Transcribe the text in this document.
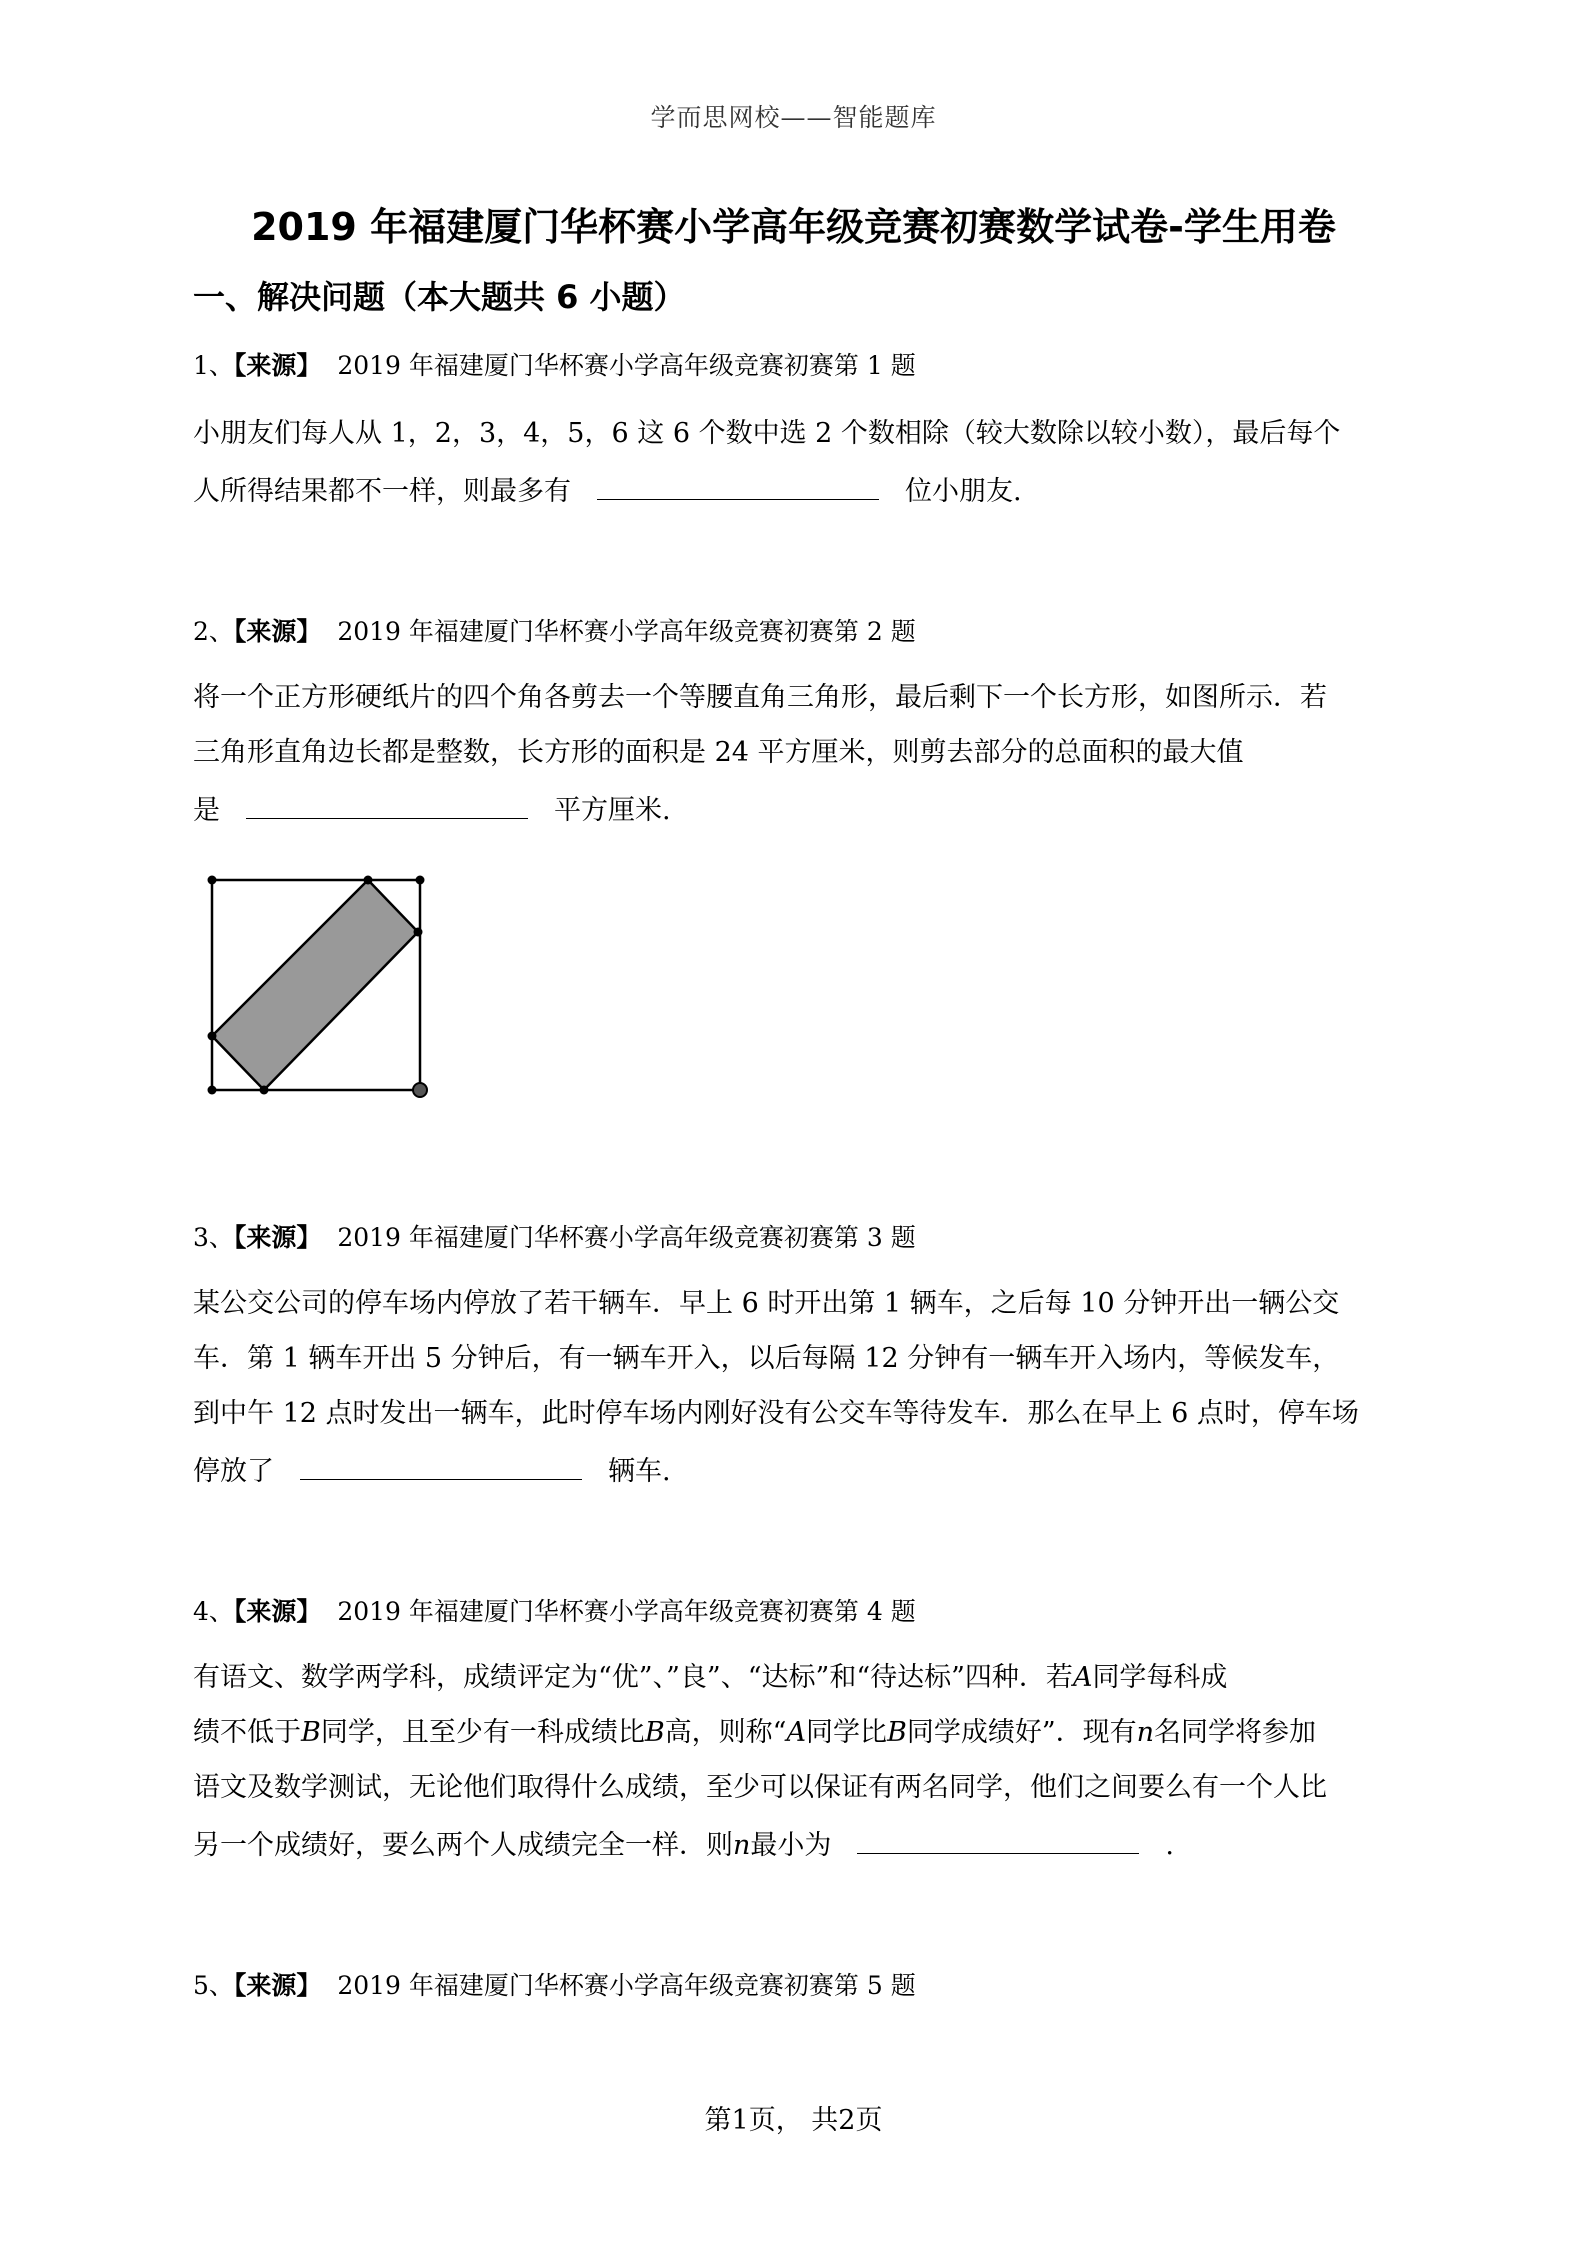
学而思网校——智能题库
2019 年福建厦门华杯赛小学高年级竞赛初赛数学试卷-学生用卷
一、解决问题（本大题共 6 小题）
1、【来源】 2019 年福建厦门华杯赛小学高年级竞赛初赛第 1 题
小朋友们每人从 1，2，3，4，5，6 这 6 个数中选 2 个数相除（较大数除以较小数），最后每个
人所得结果都不一样，则最多有	位小朋友.
2、【来源】 2019 年福建厦门华杯赛小学高年级竞赛初赛第 2 题
将一个正方形硬纸片的四个角各剪去一个等腰直角三角形，最后剩下一个长方形，如图所示．若
三角形直角边长都是整数，长方形的面积是 24 平方厘米，则剪去部分的总面积的最大值
是	平方厘米.
3、【来源】 2019 年福建厦门华杯赛小学高年级竞赛初赛第 3 题
某公交公司的停车场内停放了若干辆车．早上 6 时开出第 1 辆车，之后每 10 分钟开出一辆公交
车．第 1 辆车开出 5 分钟后，有一辆车开入，以后每隔 12 分钟有一辆车开入场内，等候发车，
到中午 12 点时发出一辆车，此时停车场内刚好没有公交车等待发车．那么在早上 6 点时，停车场
停放了	辆车.
4、【来源】 2019 年福建厦门华杯赛小学高年级竞赛初赛第 4 题
有语文、数学两学科，成绩评定为“优”、”良”、“达标”和“待达标”四种．若A同学每科成
绩不低于B同学，且至少有一科成绩比B高，则称“A同学比B同学成绩好”．现有n名同学将参加
语文及数学测试，无论他们取得什么成绩，至少可以保证有两名同学，他们之间要么有一个人比
另一个成绩好，要么两个人成绩完全一样．则n最小为	.
5、【来源】 2019 年福建厦门华杯赛小学高年级竞赛初赛第 5 题
第1页， 共2页
